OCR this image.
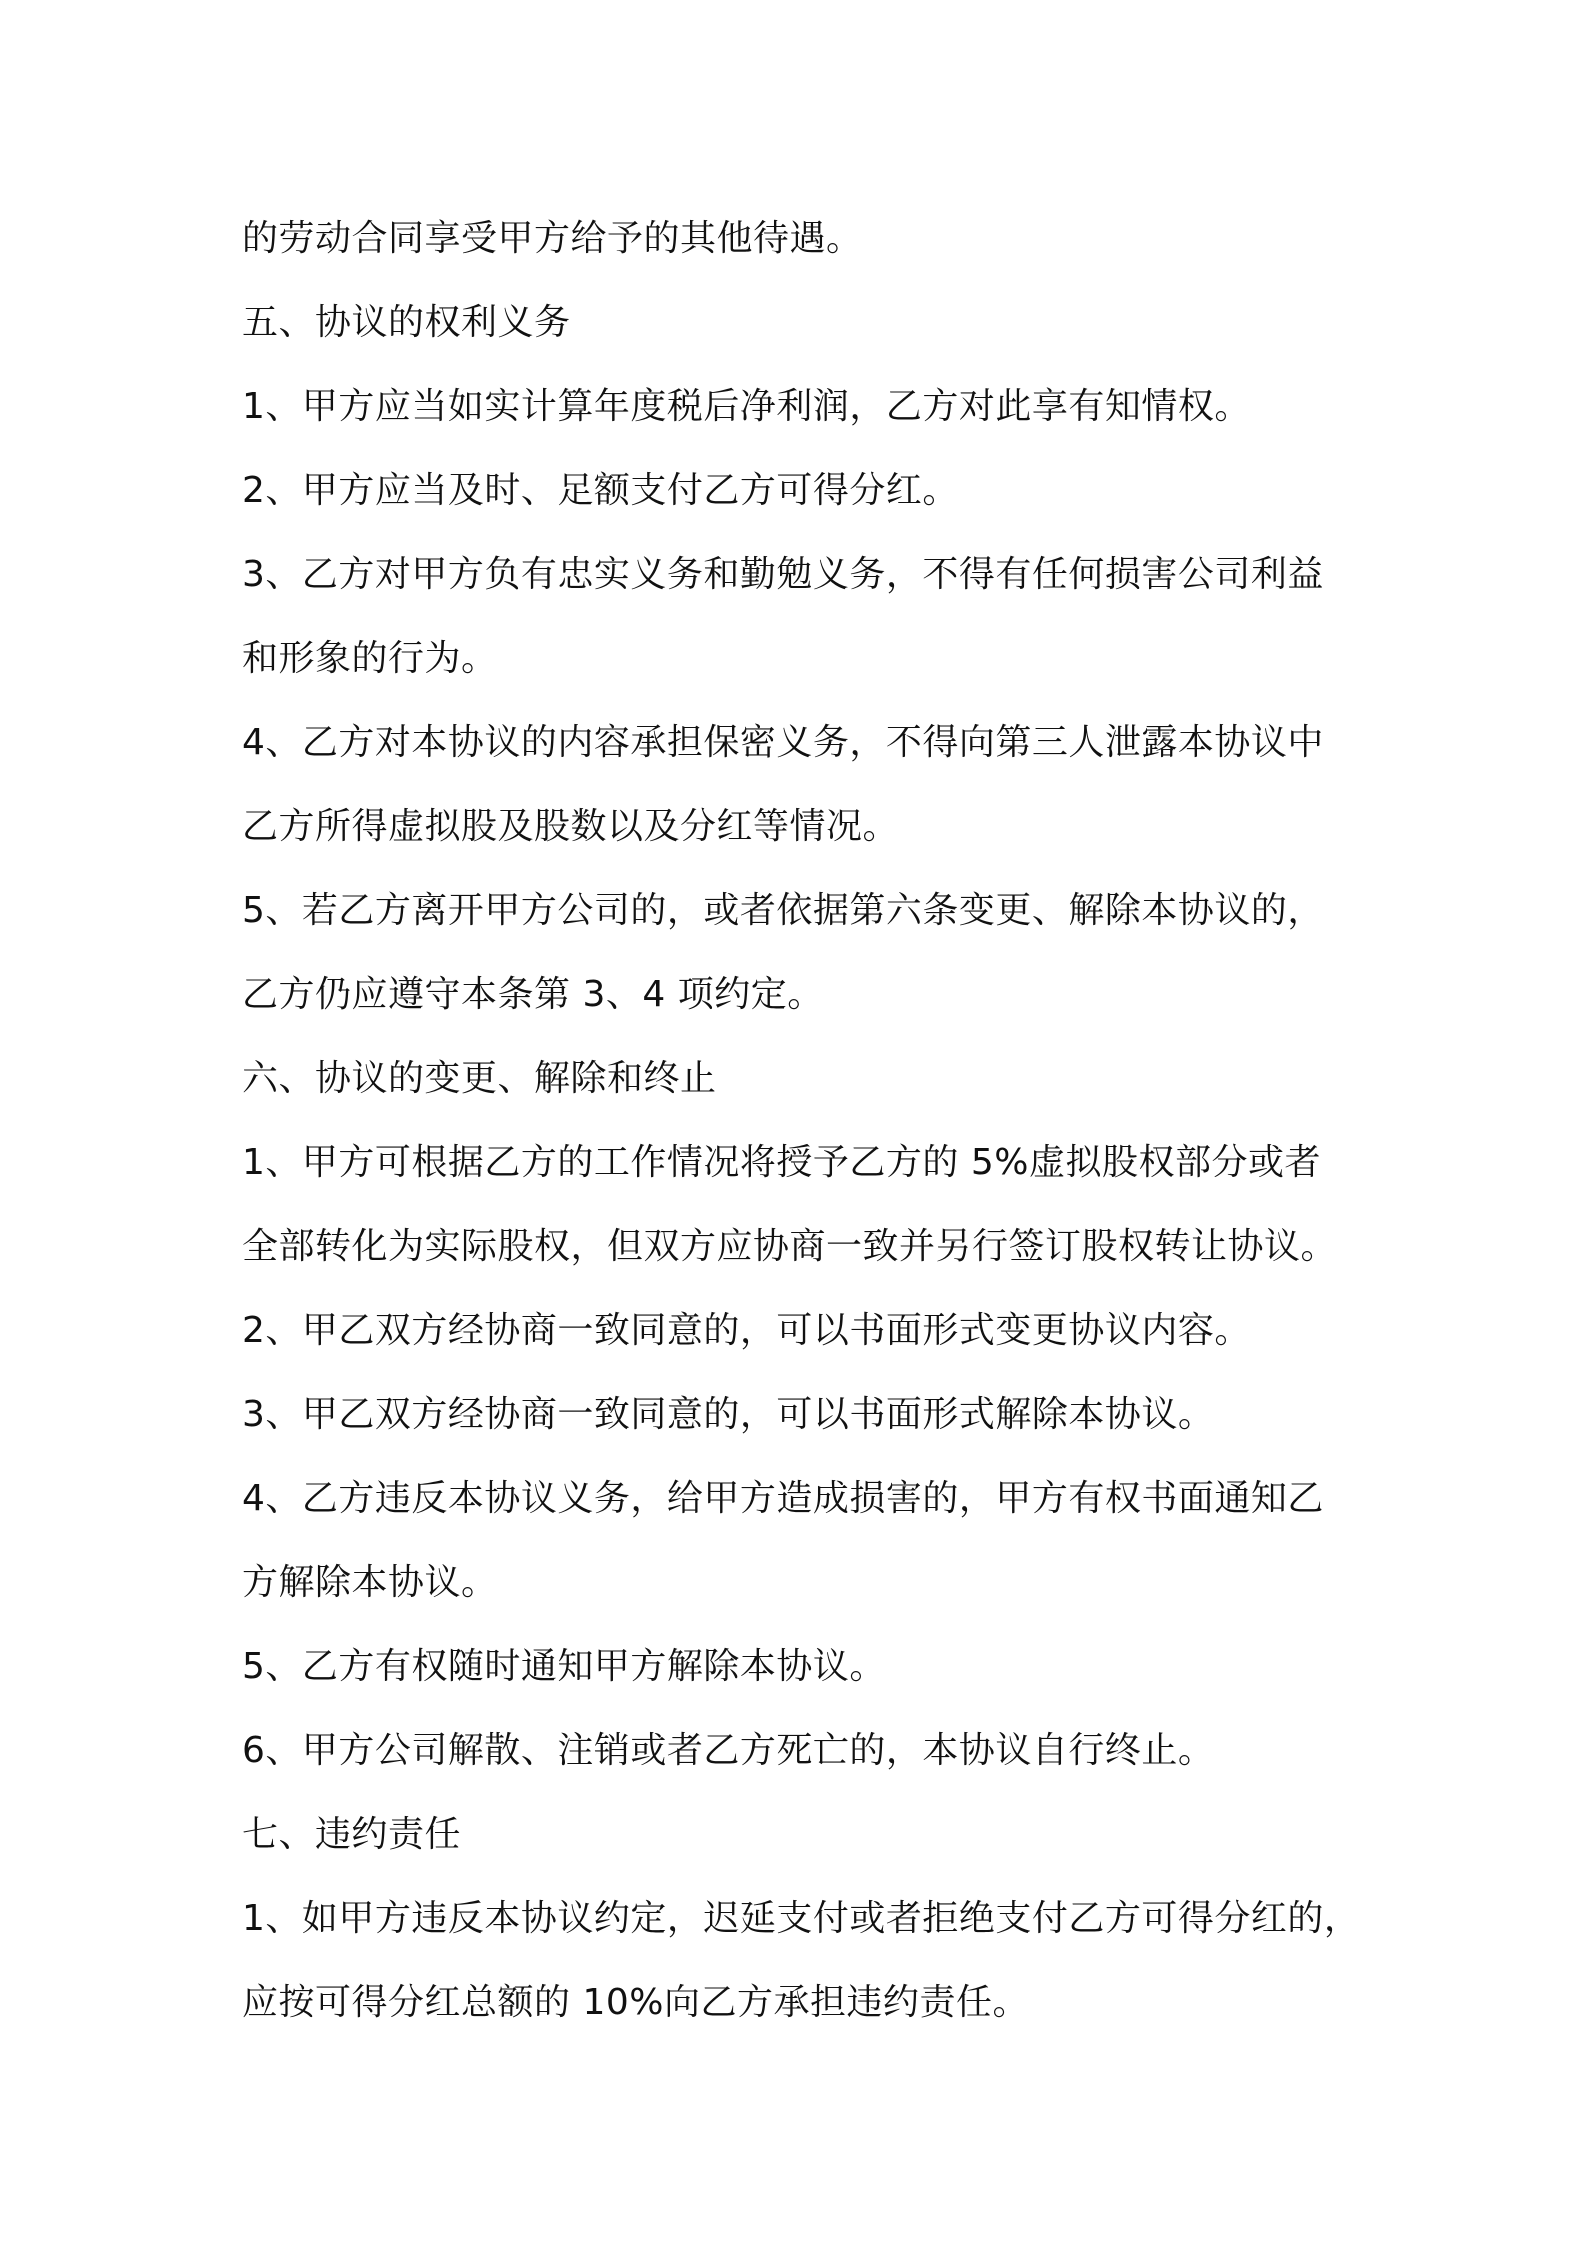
的劳动合同享受甲方给予的其他待遇。
五、协议的权利义务
1、甲方应当如实计算年度税后净利润，乙方对此享有知情权。
2、甲方应当及时、足额支付乙方可得分红。
3、乙方对甲方负有忠实义务和勤勉义务，不得有任何损害公司利益
和形象的行为。
4、乙方对本协议的内容承担保密义务，不得向第三人泄露本协议中
乙方所得虚拟股及股数以及分红等情况。
5、若乙方离开甲方公司的，或者依据第六条变更、解除本协议的，
乙方仍应遵守本条第 3、4 项约定。
六、协议的变更、解除和终止
1、甲方可根据乙方的工作情况将授予乙方的 5%虚拟股权部分或者
全部转化为实际股权，但双方应协商一致并另行签订股权转让协议。
2、甲乙双方经协商一致同意的，可以书面形式变更协议内容。
3、甲乙双方经协商一致同意的，可以书面形式解除本协议。
4、乙方违反本协议义务，给甲方造成损害的，甲方有权书面通知乙
方解除本协议。
5、乙方有权随时通知甲方解除本协议。
6、甲方公司解散、注销或者乙方死亡的，本协议自行终止。
七、违约责任
1、如甲方违反本协议约定，迟延支付或者拒绝支付乙方可得分红的，
应按可得分红总额的 10%向乙方承担违约责任。
